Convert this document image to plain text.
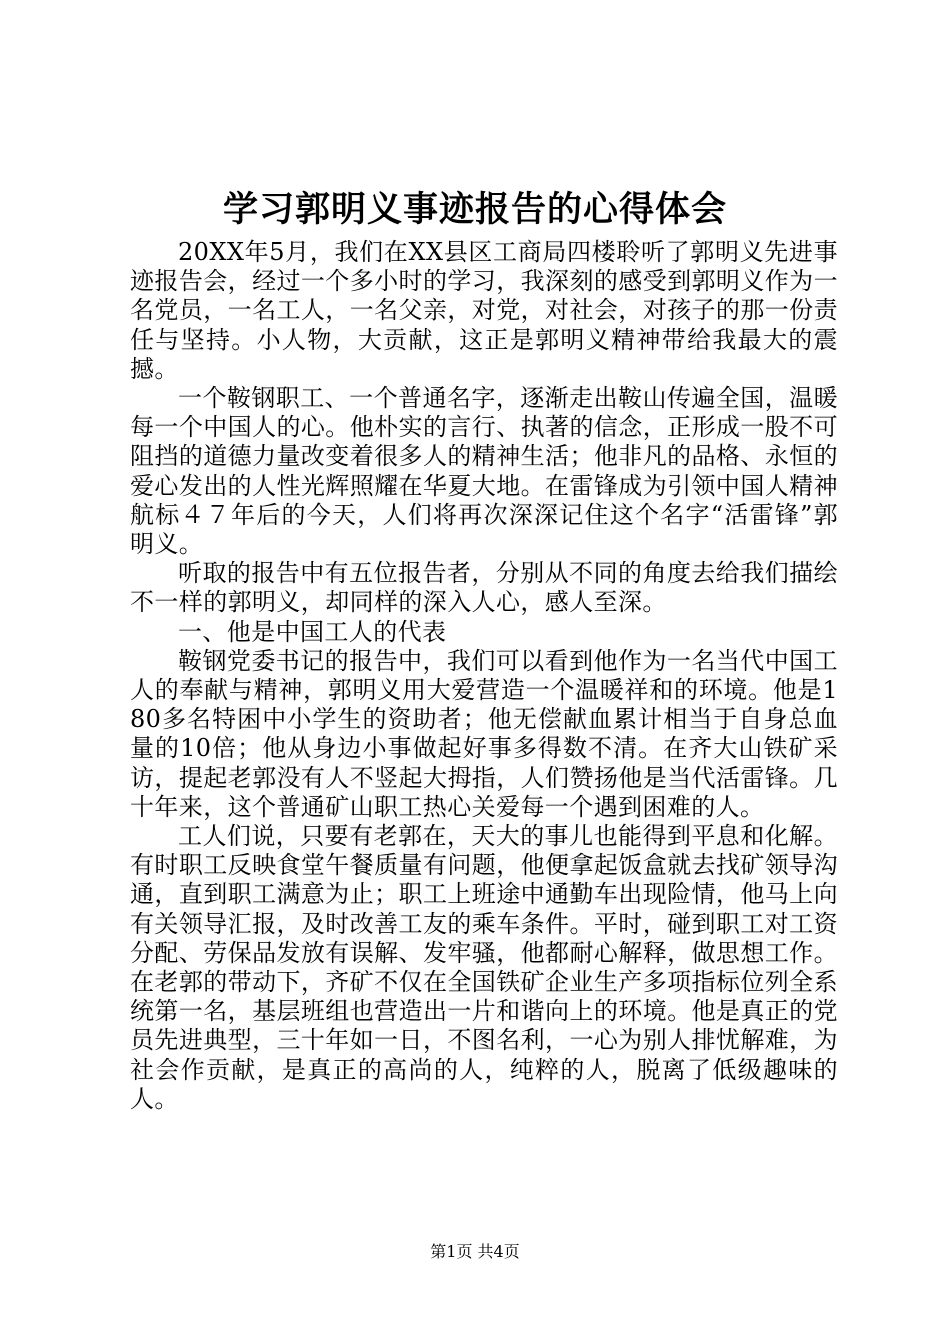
学习郭明义事迹报告的心得体会

20XX年5月，我们在XX县区工商局四楼聆听了郭明义先进事迹报告会，经过一个多小时的学习，我深刻的感受到郭明义作为一名党员，一名工人，一名父亲，对党，对社会，对孩子的那一份责任与坚持。小人物，大贡献，这正是郭明义精神带给我最大的震撼。

一个鞍钢职工、一个普通名字，逐渐走出鞍山传遍全国，温暖每一个中国人的心。他朴实的言行、执著的信念，正形成一股不可阻挡的道德力量改变着很多人的精神生活；他非凡的品格、永恒的爱心发出的人性光辉照耀在华夏大地。在雷锋成为引领中国人精神航标４７年后的今天，人们将再次深深记住这个名字“活雷锋”郭明义。

听取的报告中有五位报告者，分别从不同的角度去给我们描绘不一样的郭明义，却同样的深入人心，感人至深。

一、他是中国工人的代表

鞍钢党委书记的报告中，我们可以看到他作为一名当代中国工人的奉献与精神，郭明义用大爱营造一个温暖祥和的环境。他是180多名特困中小学生的资助者；他无偿献血累计相当于自身总血量的10倍；他从身边小事做起好事多得数不清。在齐大山铁矿采访，提起老郭没有人不竖起大拇指，人们赞扬他是当代活雷锋。几十年来，这个普通矿山职工热心关爱每一个遇到困难的人。

工人们说，只要有老郭在，天大的事儿也能得到平息和化解。有时职工反映食堂午餐质量有问题，他便拿起饭盒就去找矿领导沟通，直到职工满意为止；职工上班途中通勤车出现险情，他马上向有关领导汇报，及时改善工友的乘车条件。平时，碰到职工对工资分配、劳保品发放有误解、发牢骚，他都耐心解释，做思想工作。在老郭的带动下，齐矿不仅在全国铁矿企业生产多项指标位列全系统第一名，基层班组也营造出一片和谐向上的环境。他是真正的党员先进典型，三十年如一日，不图名利，一心为别人排忧解难，为社会作贡献，是真正的高尚的人，纯粹的人，脱离了低级趣味的人。

第1页 共4页
